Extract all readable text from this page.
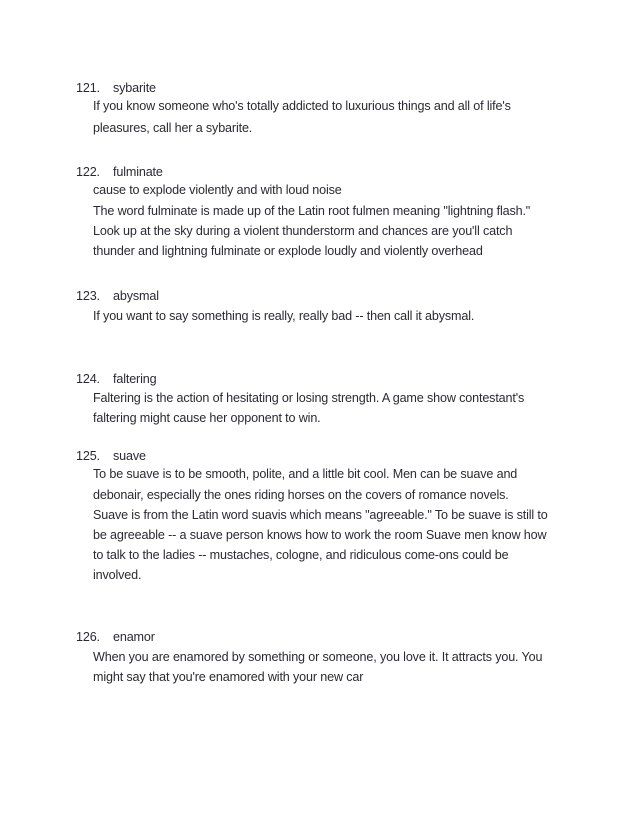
121. sybarite
If you know someone who's totally addicted to luxurious things and all of life's
pleasures, call her a sybarite.
122. fulminate
cause to explode violently and with loud noise
The word fulminate is made up of the Latin root fulmen meaning "lightning flash."
Look up at the sky during a violent thunderstorm and chances are you'll catch
thunder and lightning fulminate or explode loudly and violently overhead
123. abysmal
If you want to say something is really, really bad -- then call it abysmal.
124. faltering
Faltering is the action of hesitating or losing strength. A game show contestant's
faltering might cause her opponent to win.
125. suave
To be suave is to be smooth, polite, and a little bit cool. Men can be suave and
debonair, especially the ones riding horses on the covers of romance novels.
Suave is from the Latin word suavis which means "agreeable." To be suave is still to
be agreeable -- a suave person knows how to work the room Suave men know how
to talk to the ladies -- mustaches, cologne, and ridiculous come-ons could be
involved.
126. enamor
When you are enamored by something or someone, you love it. It attracts you. You
might say that you're enamored with your new car
